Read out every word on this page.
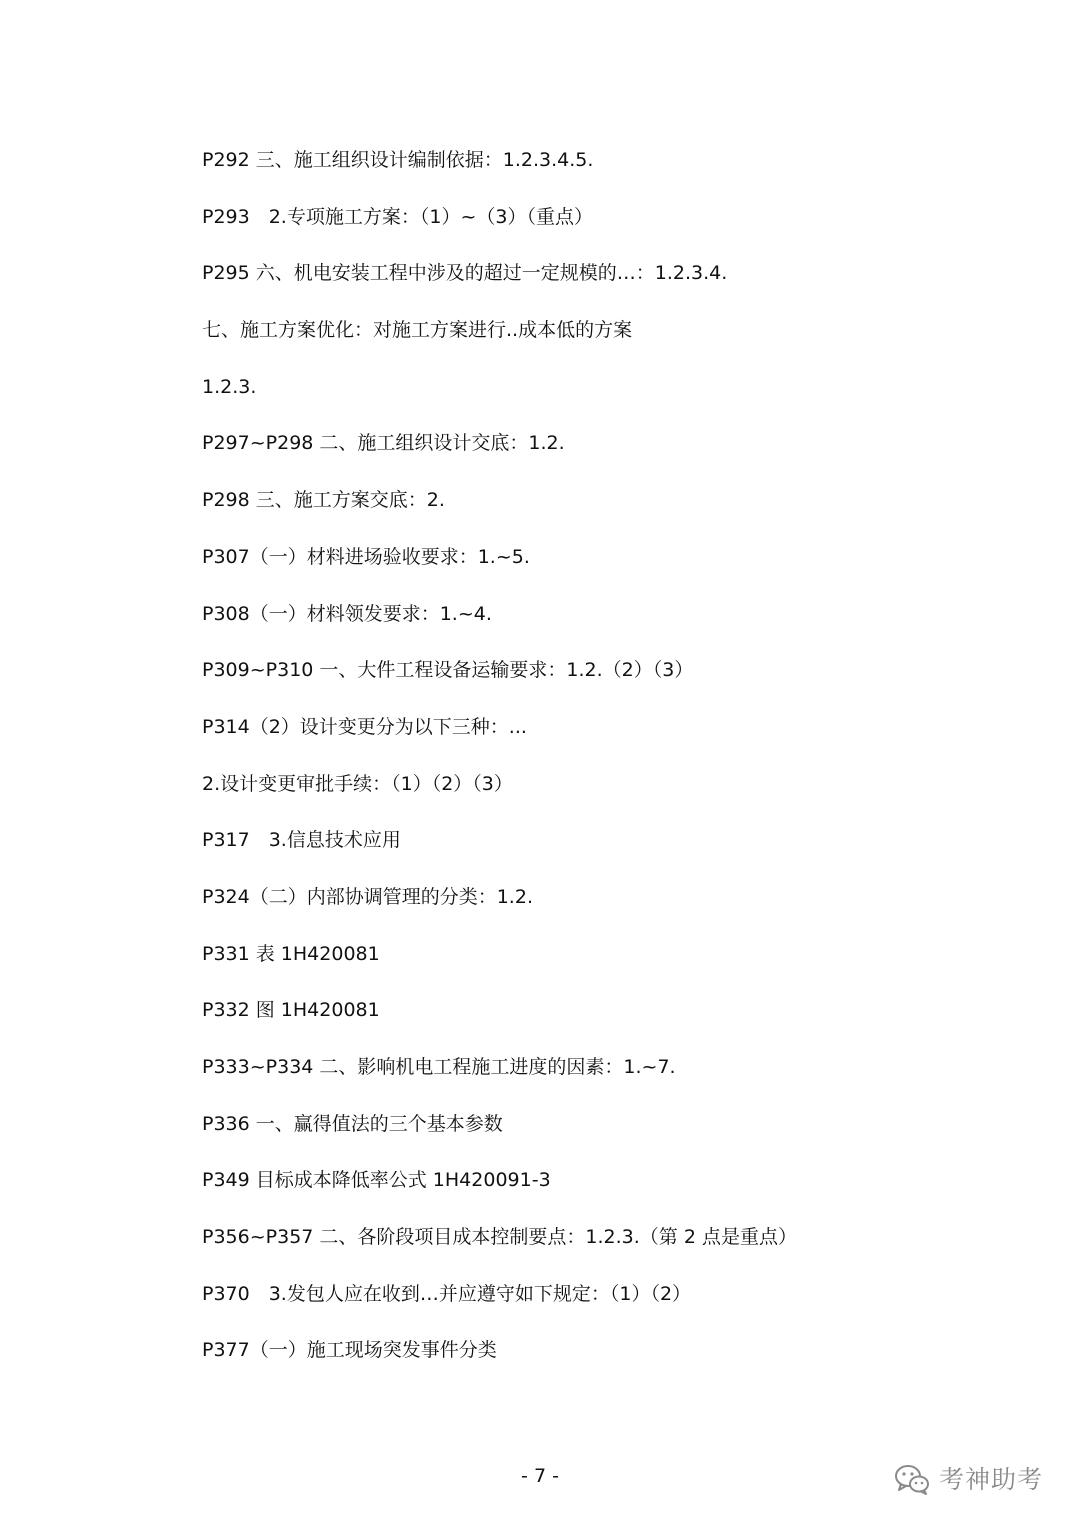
P292 三、施工组织设计编制依据：1.2.3.4.5.
P293　2.专项施工方案：（1）~（3）（重点）
P295 六、机电安装工程中涉及的超过一定规模的…：1.2.3.4.
七、施工方案优化：对施工方案进行..成本低的方案
1.2.3.
P297~P298 二、施工组织设计交底：1.2.
P298 三、施工方案交底：2.
P307（一）材料进场验收要求：1.~5.
P308（一）材料领发要求：1.~4.
P309~P310 一、大件工程设备运输要求：1.2.（2）（3）
P314（2）设计变更分为以下三种：...
2.设计变更审批手续：（1）（2）（3）
P317　3.信息技术应用
P324（二）内部协调管理的分类：1.2.
P331 表 1H420081
P332 图 1H420081
P333~P334 二、影响机电工程施工进度的因素：1.~7.
P336 一、赢得值法的三个基本参数
P349 目标成本降低率公式 1H420091-3
P356~P357 二、各阶段项目成本控制要点：1.2.3.（第 2 点是重点）
P370　3.发包人应在收到…并应遵守如下规定：（1）（2）
P377（一）施工现场突发事件分类
- 7 -	考神助考
